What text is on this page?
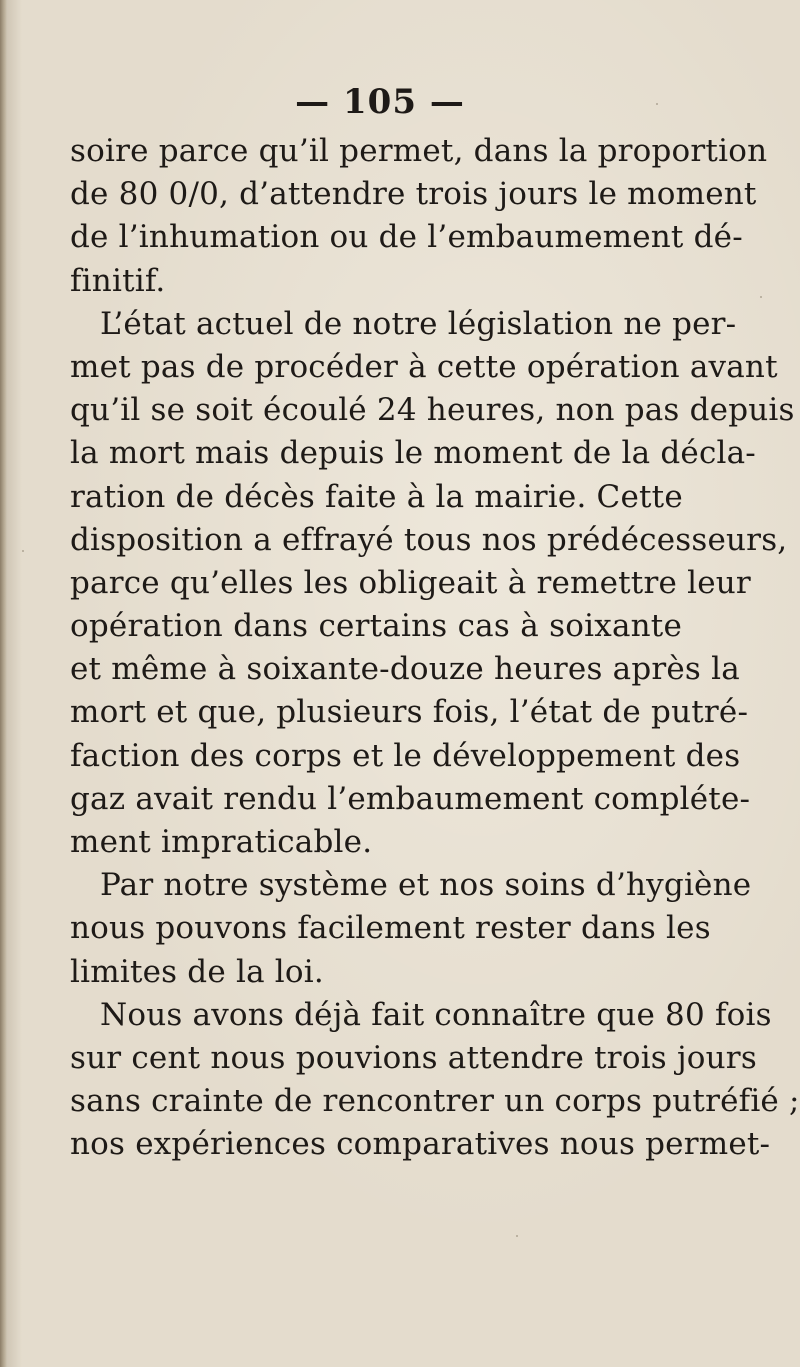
— 105 —
soire parce qu’il permet, dans la proportion
de 80 0/0, d’attendre trois jours le moment
de l’inhumation ou de l’embaumement dé-
finitif.
L’état actuel de notre législation ne per-
met pas de procéder à cette opération avant
qu’il se soit écoulé 24 heures, non pas depuis
la mort mais depuis le moment de la décla-
ration de décès faite à la mairie. Cette
disposition a effrayé tous nos prédécesseurs,
parce qu’elles les obligeait à remettre leur
opération dans certains cas à soixante
et même à soixante-douze heures après la
mort et que, plusieurs fois, l’état de putré-
faction des corps et le développement des
gaz avait rendu l’embaumement compléte-
ment impraticable.
Par notre système et nos soins d’hygiène
nous pouvons facilement rester dans les
limites de la loi.
Nous avons déjà fait connaître que 80 fois
sur cent nous pouvions attendre trois jours
sans crainte de rencontrer un corps putréfié ;
nos expériences comparatives nous permet-
